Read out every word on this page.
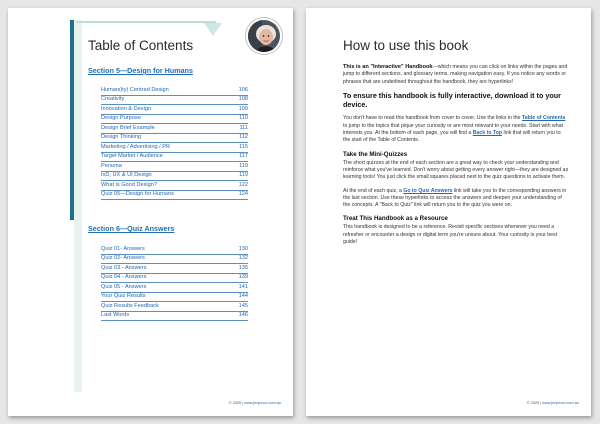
Table of Contents
Section 5—Design for Humans
Human(ity) Centred Design	106
Creativity	108
Innovation & Design	109
Design Purpose	110
Design Brief Example	111
Design Thinking	112
Marketing / Advertising / PR	115
Target Market / Audience	117
Persona	119
IxD, UX & UI Design	119
What is Good Design?	122
Quiz 05—Design for Humans	124
Section 6—Quiz Answers
Quiz 01- Answers	130
Quiz 02- Answers	132
Quiz 03 - Answers	135
Quiz 04 - Answers	139
Quiz 05 - Answers	141
Your Quiz Results	144
Quiz Results Feedback	145
Last Words	146
© 2025 | www.jenjenco.com.au
How to use this book

This is an "Interactive" Handbook—which means you can click on links within the pages and jump to different sections, and glossary terms, making navigation easy. If you notice any words or phrases that are underlined throughout the handbook, they are hyperlinks!

To ensure this handbook is fully interactive, download it to your device.

You don't have to read this handbook from cover to cover. Use the links in the Table of Contents to jump to the topics that pique your curiosity or are most relevant to your needs. Start with what interests you. At the bottom of each page, you will find a Back to Top link that will return you to the start of the Table of Contents.

Take the Mini-Quizzes

The short quizzes at the end of each section are a great way to check your understanding and reinforce what you've learned. Don't worry about getting every answer right—they are designed as learning tools! You just click the small squares placed next to the quiz questions to activate them.

At the end of each quiz, a Go to Quiz Answers link will take you to the corresponding answers in the last section. Use these hyperlinks to access the answers and deepen your understanding of the concepts. A "Back to Quiz" link will return you to the quiz you were on.

Treat This Handbook as a Resource

This handbook is designed to be a reference. Revisit specific sections whenever you need a refresher or encounter a design or digital term you're unsure about. Your curiosity is your best guide!

© 2025 | www.jenjenco.com.au
